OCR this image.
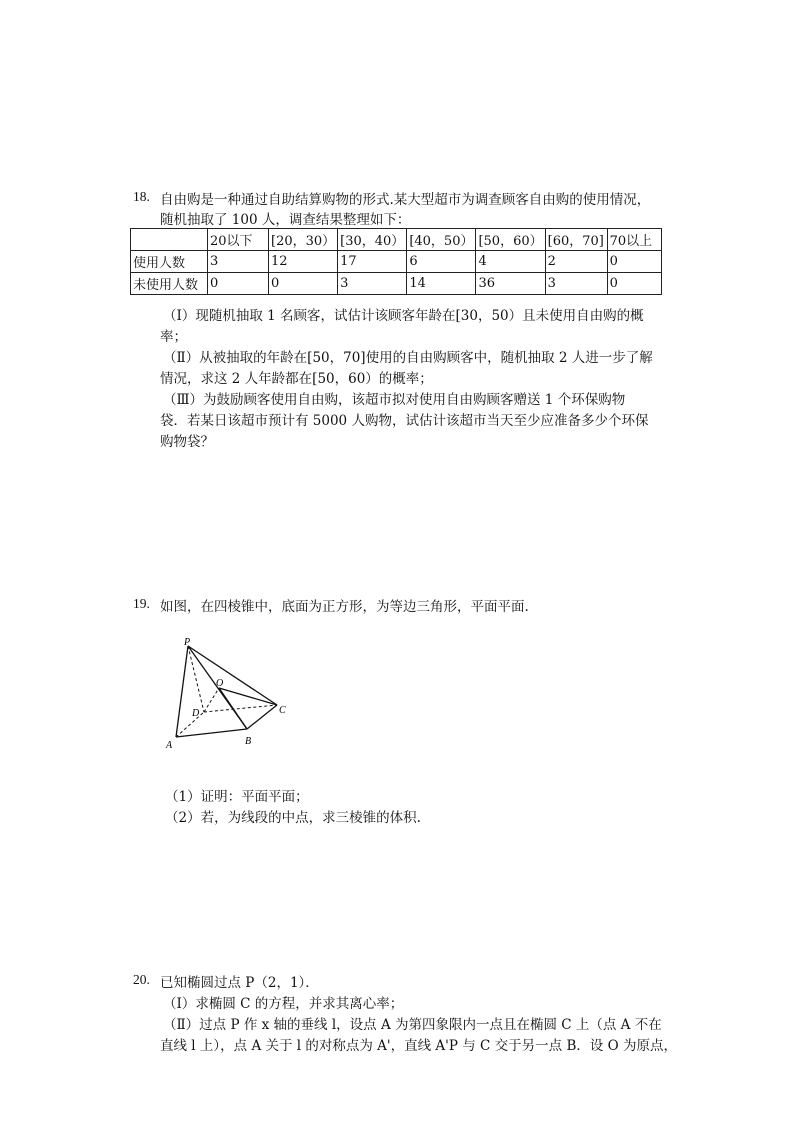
18. 自由购是一种通过自助结算购物的形式.某大型超市为调查顾客自由购的使用情况，
随机抽取了 100 人，调查结果整理如下：
	20以下	[20，30）	[30，40）	[40，50）	[50，60）	[60，70]	70以上
使用人数	3	12	17	6	4	2	0
未使用人数	0	0	3	14	36	3	0
（Ⅰ）现随机抽取 1 名顾客，试估计该顾客年龄在[30，50）且未使用自由购的概
率；
（Ⅱ）从被抽取的年龄在[50，70]使用的自由购顾客中，随机抽取 2 人进一步了解
情况，求这 2 人年龄都在[50，60）的概率；
（Ⅲ）为鼓励顾客使用自由购，该超市拟对使用自由购顾客赠送 1 个环保购物
袋．若某日该超市预计有 5000 人购物，试估计该超市当天至少应准备多少个环保
购物袋？
19. 如图，在四棱锥中，底面为正方形，为等边三角形，平面平面.
P
O
D	C
A	B
（1）证明：平面平面；
（2）若，为线段的中点，求三棱锥的体积.
20. 已知椭圆过点 P（2，1）．
（Ⅰ）求椭圆 C 的方程，并求其离心率；
（Ⅱ）过点 P 作 x 轴的垂线 l，设点 A 为第四象限内一点且在椭圆 C 上（点 A 不在
直线 l 上），点 A 关于 l 的对称点为 A'，直线 A'P 与 C 交于另一点 B．设 O 为原点，
